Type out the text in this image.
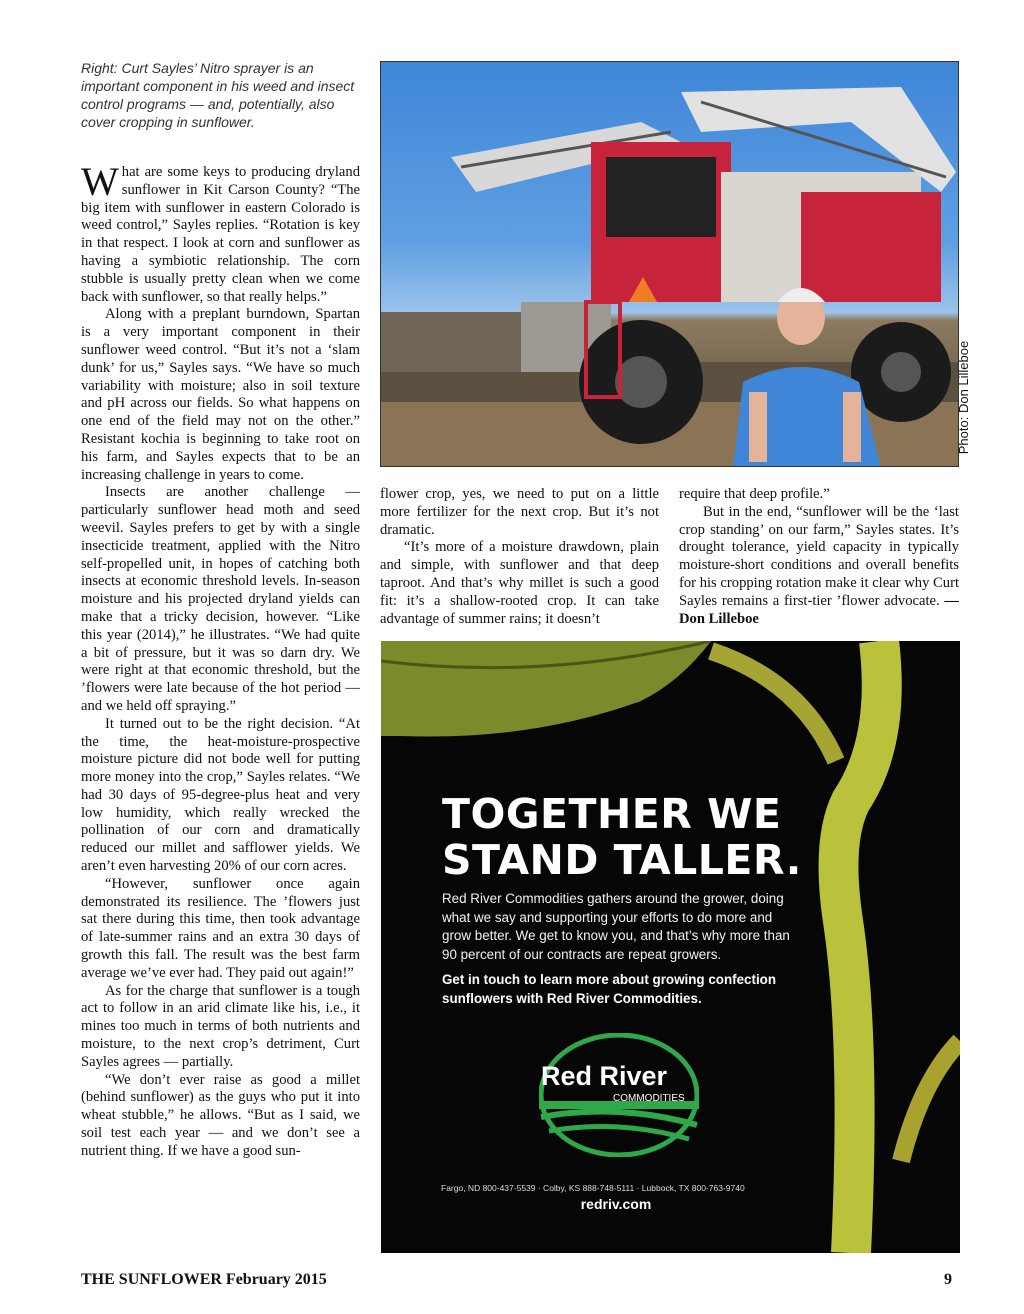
Right: Curt Sayles’ Nitro sprayer is an important component in his weed and insect control programs — and, potentially, also cover cropping in sunflower.

What are some keys to producing dryland sunflower in Kit Carson County? “The big item with sunflower in eastern Colorado is weed control,” Sayles replies. “Rotation is key in that respect. I look at corn and sunflower as having a symbiotic relationship. The corn stubble is usually pretty clean when we come back with sunflower, so that really helps.”

Along with a preplant burndown, Spartan is a very important component in their sunflower weed control. “But it’s not a ‘slam dunk’ for us,” Sayles says. “We have so much variability with moisture; also in soil texture and pH across our fields. So what happens on one end of the field may not on the other.” Resistant kochia is beginning to take root on his farm, and Sayles expects that to be an increasing challenge in years to come.

Insects are another challenge — particularly sunflower head moth and seed weevil. Sayles prefers to get by with a single insecticide treatment, applied with the Nitro self-propelled unit, in hopes of catching both insects at economic threshold levels. In-season moisture and his projected dryland yields can make that a tricky decision, however. “Like this year (2014),” he illustrates. “We had quite a bit of pressure, but it was so darn dry. We were right at that economic threshold, but the ’flowers were late because of the hot period — and we held off spraying.”

It turned out to be the right decision. “At the time, the heat-moisture-prospective moisture picture did not bode well for putting more money into the crop,” Sayles relates. “We had 30 days of 95-degree-plus heat and very low humidity, which really wrecked the pollination of our corn and dramatically reduced our millet and safflower yields. We aren’t even harvesting 20% of our corn acres.

“However, sunflower once again demonstrated its resilience. The ’flowers just sat there during this time, then took advantage of late-summer rains and an extra 30 days of growth this fall. The result was the best farm average we’ve ever had. They paid out again!”

As for the charge that sunflower is a tough act to follow in an arid climate like his, i.e., it mines too much in terms of both nutrients and moisture, to the next crop’s detriment, Curt Sayles agrees — partially.

“We don’t ever raise as good a millet (behind sunflower) as the guys who put it into wheat stubble,” he allows. “But as I said, we soil test each year — and we don’t see a nutrient thing. If we have a good sun-

Photo: Don Lilleboe

flower crop, yes, we need to put on a little more fertilizer for the next crop. But it’s not dramatic.

“It’s more of a moisture drawdown, plain and simple, with sunflower and that deep taproot. And that’s why millet is such a good fit: it’s a shallow-rooted crop. It can take advantage of summer rains; it doesn’t

require that deep profile.”

But in the end, “sunflower will be the ‘last crop standing’ on our farm,” Sayles states. It’s drought tolerance, yield capacity in typically moisture-short conditions and overall benefits for his cropping rotation make it clear why Curt Sayles remains a first-tier ’flower advocate. — Don Lilleboe

TOGETHER WE
STAND TALLER.
Red River Commodities gathers around the grower, doing what we say and supporting your efforts to do more and grow better. We get to know you, and that’s why more than 90 percent of our contracts are repeat growers.
Get in touch to learn more about growing confection sunflowers with Red River Commodities.
Red River
COMMODITIES
Fargo, ND 800-437-5539 · Colby, KS 888-748-5111 · Lubbock, TX 800-763-9740
redriv.com
THE SUNFLOWER February 2015	9
